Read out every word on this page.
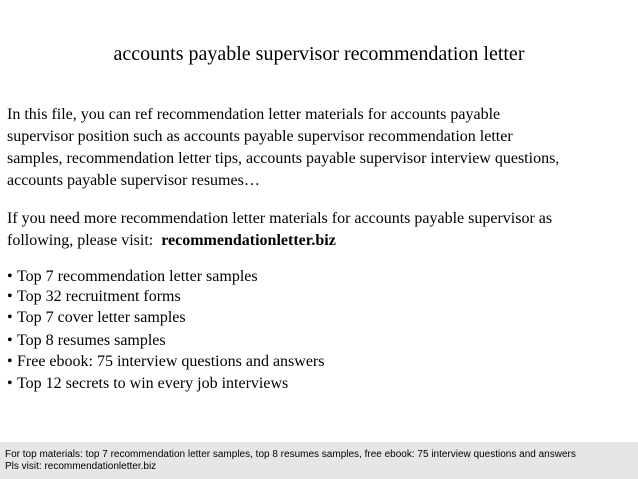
accounts payable supervisor recommendation letter
In this file, you can ref recommendation letter materials for accounts payable
supervisor position such as accounts payable supervisor recommendation letter
samples, recommendation letter tips, accounts payable supervisor interview questions,
accounts payable supervisor resumes…
If you need more recommendation letter materials for accounts payable supervisor as
following, please visit: recommendationletter.biz
• Top 7 recommendation letter samples
• Top 32 recruitment forms
• Top 7 cover letter samples
• Top 8 resumes samples
• Free ebook: 75 interview questions and answers
• Top 12 secrets to win every job interviews
For top materials: top 7 recommendation letter samples, top 8 resumes samples, free ebook: 75 interview questions and answers
Pls visit: recommendationletter.biz
